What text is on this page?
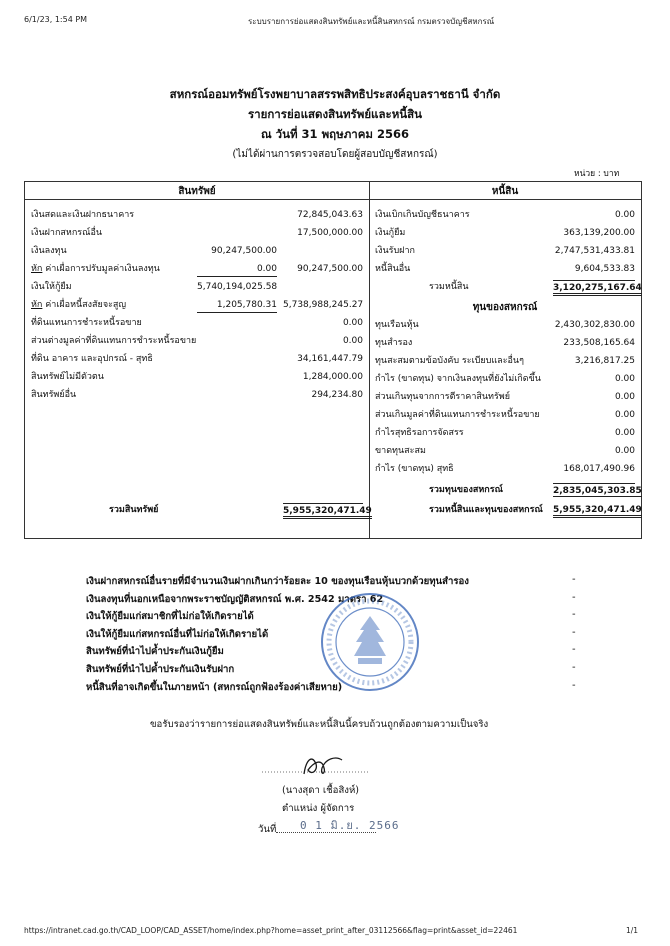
6/1/23, 1:54 PM	ระบบรายการย่อแสดงสินทรัพย์และหนี้สินสหกรณ์ กรมตรวจบัญชีสหกรณ์
สหกรณ์ออมทรัพย์โรงพยาบาลสรรพสิทธิประสงค์อุบลราชธานี จำกัด
รายการย่อแสดงสินทรัพย์และหนี้สิน
ณ วันที่ 31 พฤษภาคม 2566
(ไม่ได้ผ่านการตรวจสอบโดยผู้สอบบัญชีสหกรณ์)
หน่วย : บาท
สินทรัพย์	หนี้สิน
เงินสดและเงินฝากธนาคาร	72,845,043.63
เงินฝากสหกรณ์อื่น	17,500,000.00
เงินลงทุน	90,247,500.00
หัก ค่าเผื่อการปรับมูลค่าเงินลงทุน	0.00	90,247,500.00
เงินให้กู้ยืม	5,740,194,025.58
หัก ค่าเผื่อหนี้สงสัยจะสูญ	1,205,780.31 5,738,988,245.27
ที่ดินแทนการชำระหนี้รอขาย	0.00
ส่วนต่างมูลค่าที่ดินแทนการชำระหนี้รอขาย	0.00
ที่ดิน อาคาร และอุปกรณ์ - สุทธิ	34,161,447.79
สินทรัพย์ไม่มีตัวตน	1,284,000.00
สินทรัพย์อื่น	294,234.80
รวมสินทรัพย์	5,955,320,471.49
เงินเบิกเกินบัญชีธนาคาร	0.00
เงินกู้ยืม	363,139,200.00
เงินรับฝาก	2,747,531,433.81
หนี้สินอื่น	9,604,533.83
รวมหนี้สิน	3,120,275,167.64
ทุนของสหกรณ์
ทุนเรือนหุ้น	2,430,302,830.00
ทุนสำรอง	233,508,165.64
ทุนสะสมตามข้อบังคับ ระเบียบและอื่นๆ	3,216,817.25
กำไร (ขาดทุน) จากเงินลงทุนที่ยังไม่เกิดขึ้น	0.00
ส่วนเกินทุนจากการตีราคาสินทรัพย์	0.00
ส่วนเกินมูลค่าที่ดินแทนการชำระหนี้รอขาย	0.00
กำไรสุทธิรอการจัดสรร	0.00
ขาดทุนสะสม	0.00
กำไร (ขาดทุน) สุทธิ	168,017,490.96
รวมทุนของสหกรณ์	2,835,045,303.85
รวมหนี้สินและทุนของสหกรณ์ 5,955,320,471.49
เงินฝากสหกรณ์อื่นรายที่มีจำนวนเงินฝากเกินกว่าร้อยละ 10 ของทุนเรือนหุ้นบวกด้วยทุนสำรอง	-
เงินลงทุนที่นอกเหนือจากพระราชบัญญัติสหกรณ์ พ.ศ. 2542 มาตรา 62	-
เงินให้กู้ยืมแก่สมาชิกที่ไม่ก่อให้เกิดรายได้	-
เงินให้กู้ยืมแก่สหกรณ์อื่นที่ไม่ก่อให้เกิดรายได้	-
สินทรัพย์ที่นำไปค้ำประกันเงินกู้ยืม	-
สินทรัพย์ที่นำไปค้ำประกันเงินรับฝาก	-
หนี้สินที่อาจเกิดขึ้นในภายหน้า (สหกรณ์ถูกฟ้องร้องค่าเสียหาย)	-
ขอรับรองว่ารายการย่อแสดงสินทรัพย์และหนี้สินนี้ครบถ้วนถูกต้องตามความเป็นจริง
(นางสุดา เชื้อสิงห์)
ตำแหน่ง ผู้จัดการ
วันที่ 0 1 มิ.ย. 2566
https://intranet.cad.go.th/CAD_LOOP/CAD_ASSET/home/index.php?home=asset_print_after_03112566&flag=print&asset_id=22461	1/1
